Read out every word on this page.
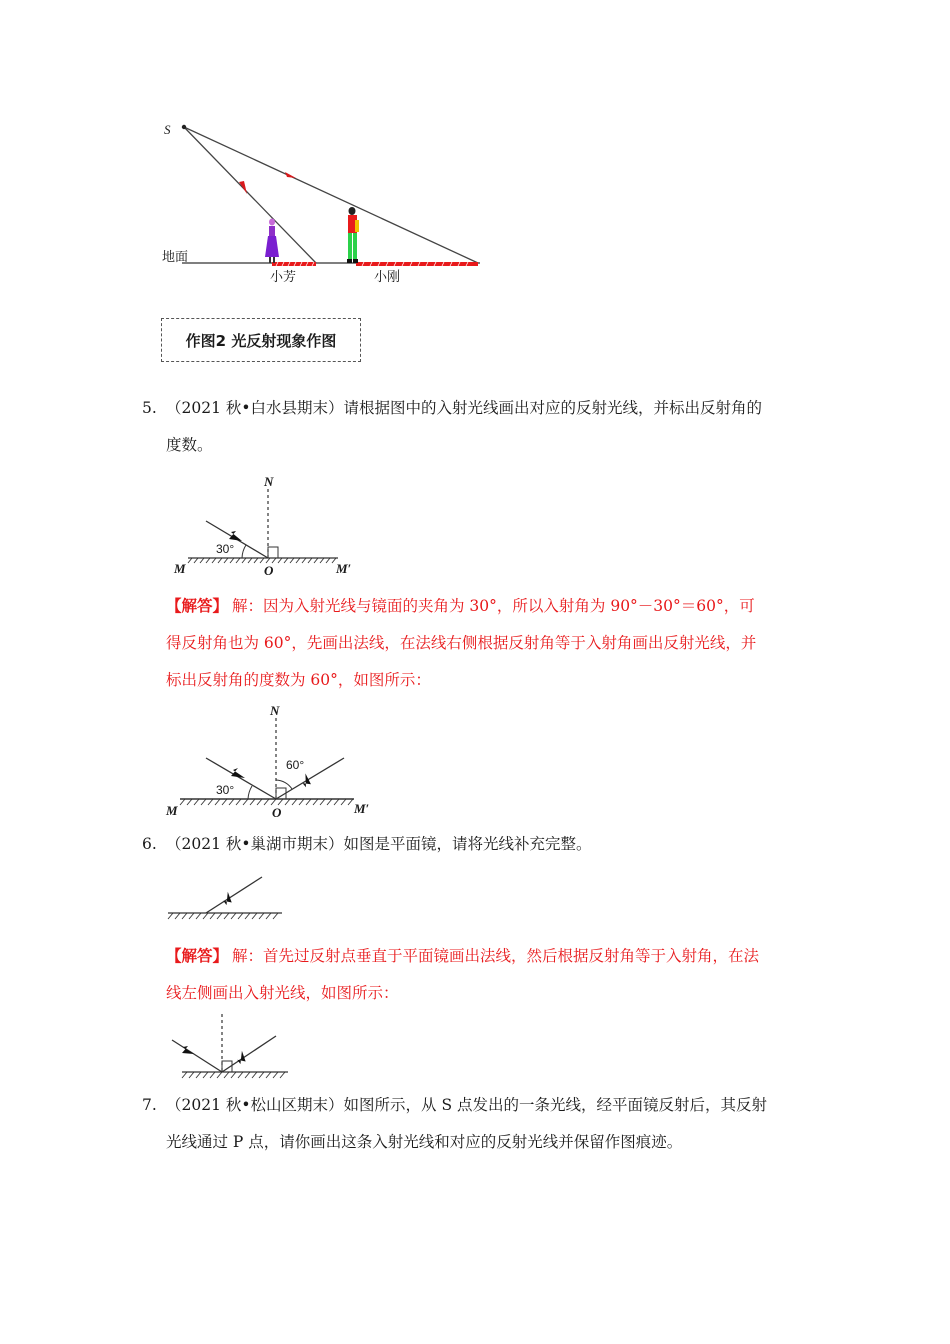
S
地面
小芳	小刚
作图2 光反射现象作图
5. （2021 秋•白水县期末）请根据图中的入射光线画出对应的反射光线，并标出反射角的
度数。
N
30°
M	O	M′
【解答】 解：因为入射光线与镜面的夹角为 30°，所以入射角为 90°－30°＝60°，可
得反射角也为 60°，先画出法线，在法线右侧根据反射角等于入射角画出反射光线，并
标出反射角的度数为 60°，如图所示：
N
60°
30°
M	O	M′
6. （2021 秋•巢湖市期末）如图是平面镜，请将光线补充完整。
【解答】 解：首先过反射点垂直于平面镜画出法线，然后根据反射角等于入射角，在法
线左侧画出入射光线，如图所示：
7. （2021 秋•松山区期末）如图所示，从 S 点发出的一条光线，经平面镜反射后，其反射
光线通过 P 点，请你画出这条入射光线和对应的反射光线并保留作图痕迹。
